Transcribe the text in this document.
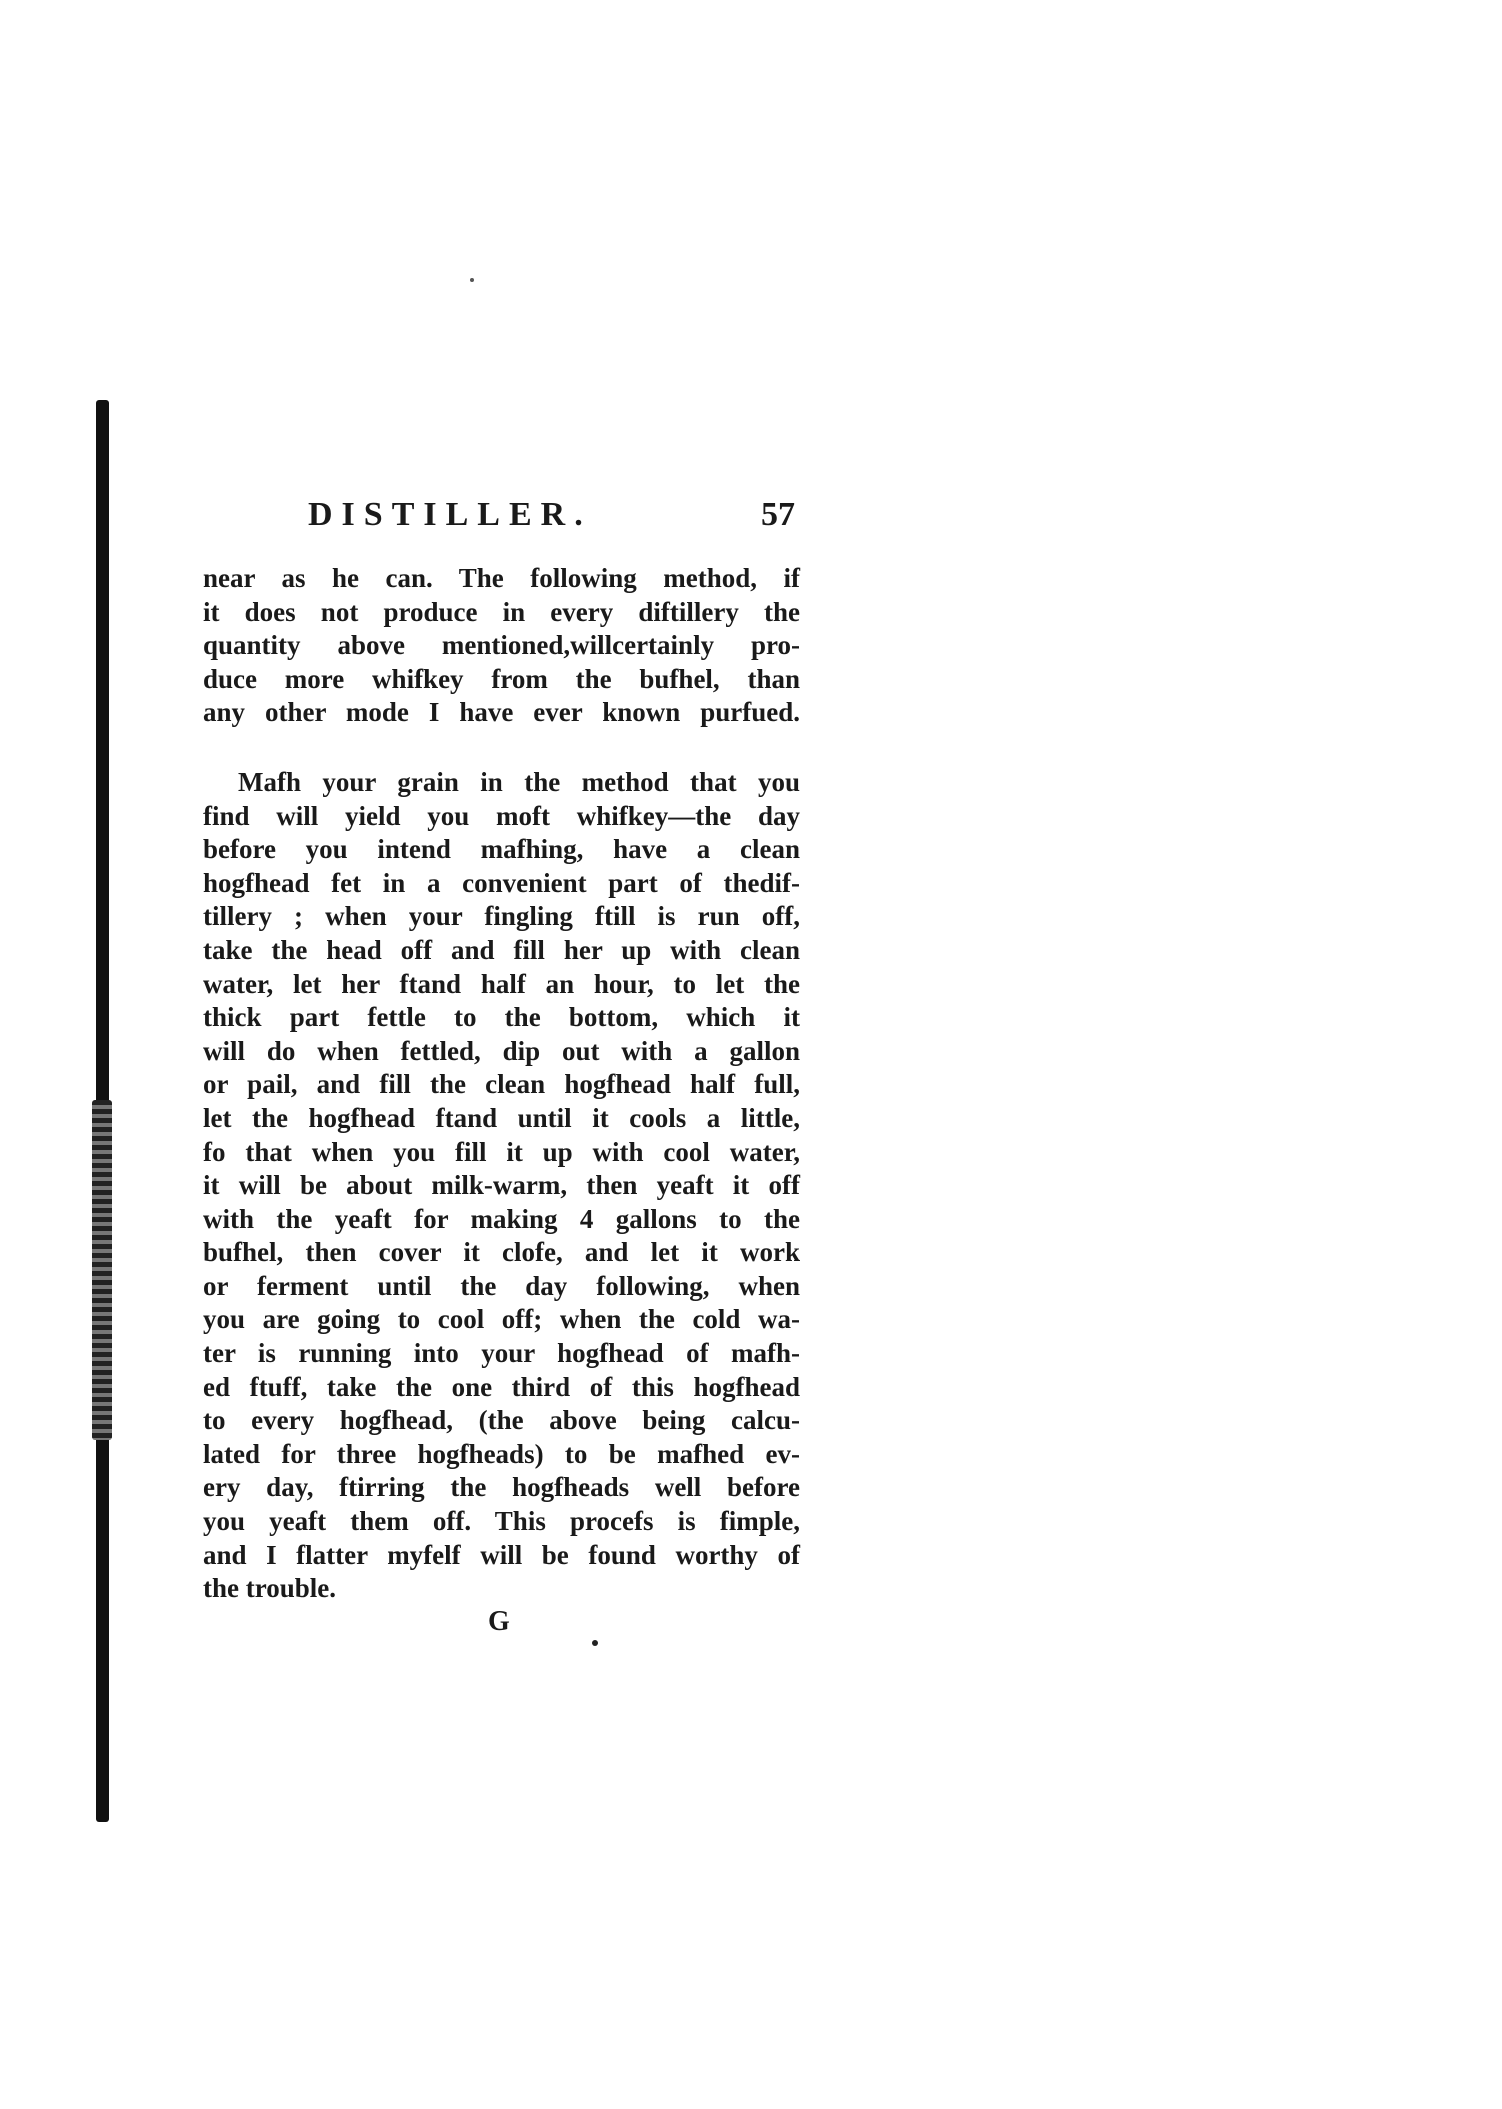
DISTILLER.	57

near as he can. The following method, if
it does not produce in every diftillery the
quantity above mentioned,willcertainly pro-
duce more whifkey from the bufhel, than
any other mode I have ever known purfued.

Mafh your grain in the method that you
find will yield you moft whifkey—the day
before you intend mafhing, have a clean
hogfhead fet in a convenient part of thedif-
tillery ; when your fingling ftill is run off,
take the head off and fill her up with clean
water, let her ftand half an hour, to let the
thick part fettle to the bottom, which it
will do when fettled, dip out with a gallon
or pail, and fill the clean hogfhead half full,
let the hogfhead ftand until it cools a little,
fo that when you fill it up with cool water,
it will be about milk-warm, then yeaft it off
with the yeaft for making 4 gallons to the
bufhel, then cover it clofe, and let it work
or ferment until the day following, when
you are going to cool off; when the cold wa-
ter is running into your hogfhead of mafh-
ed ftuff, take the one third of this hogfhead
to every hogfhead, (the above being calcu-
lated for three hogfheads) to be mafhed ev-
ery day, ftirring the hogfheads well before
you yeaft them off. This procefs is fimple,
and I flatter myfelf will be found worthy of
the trouble.

G
